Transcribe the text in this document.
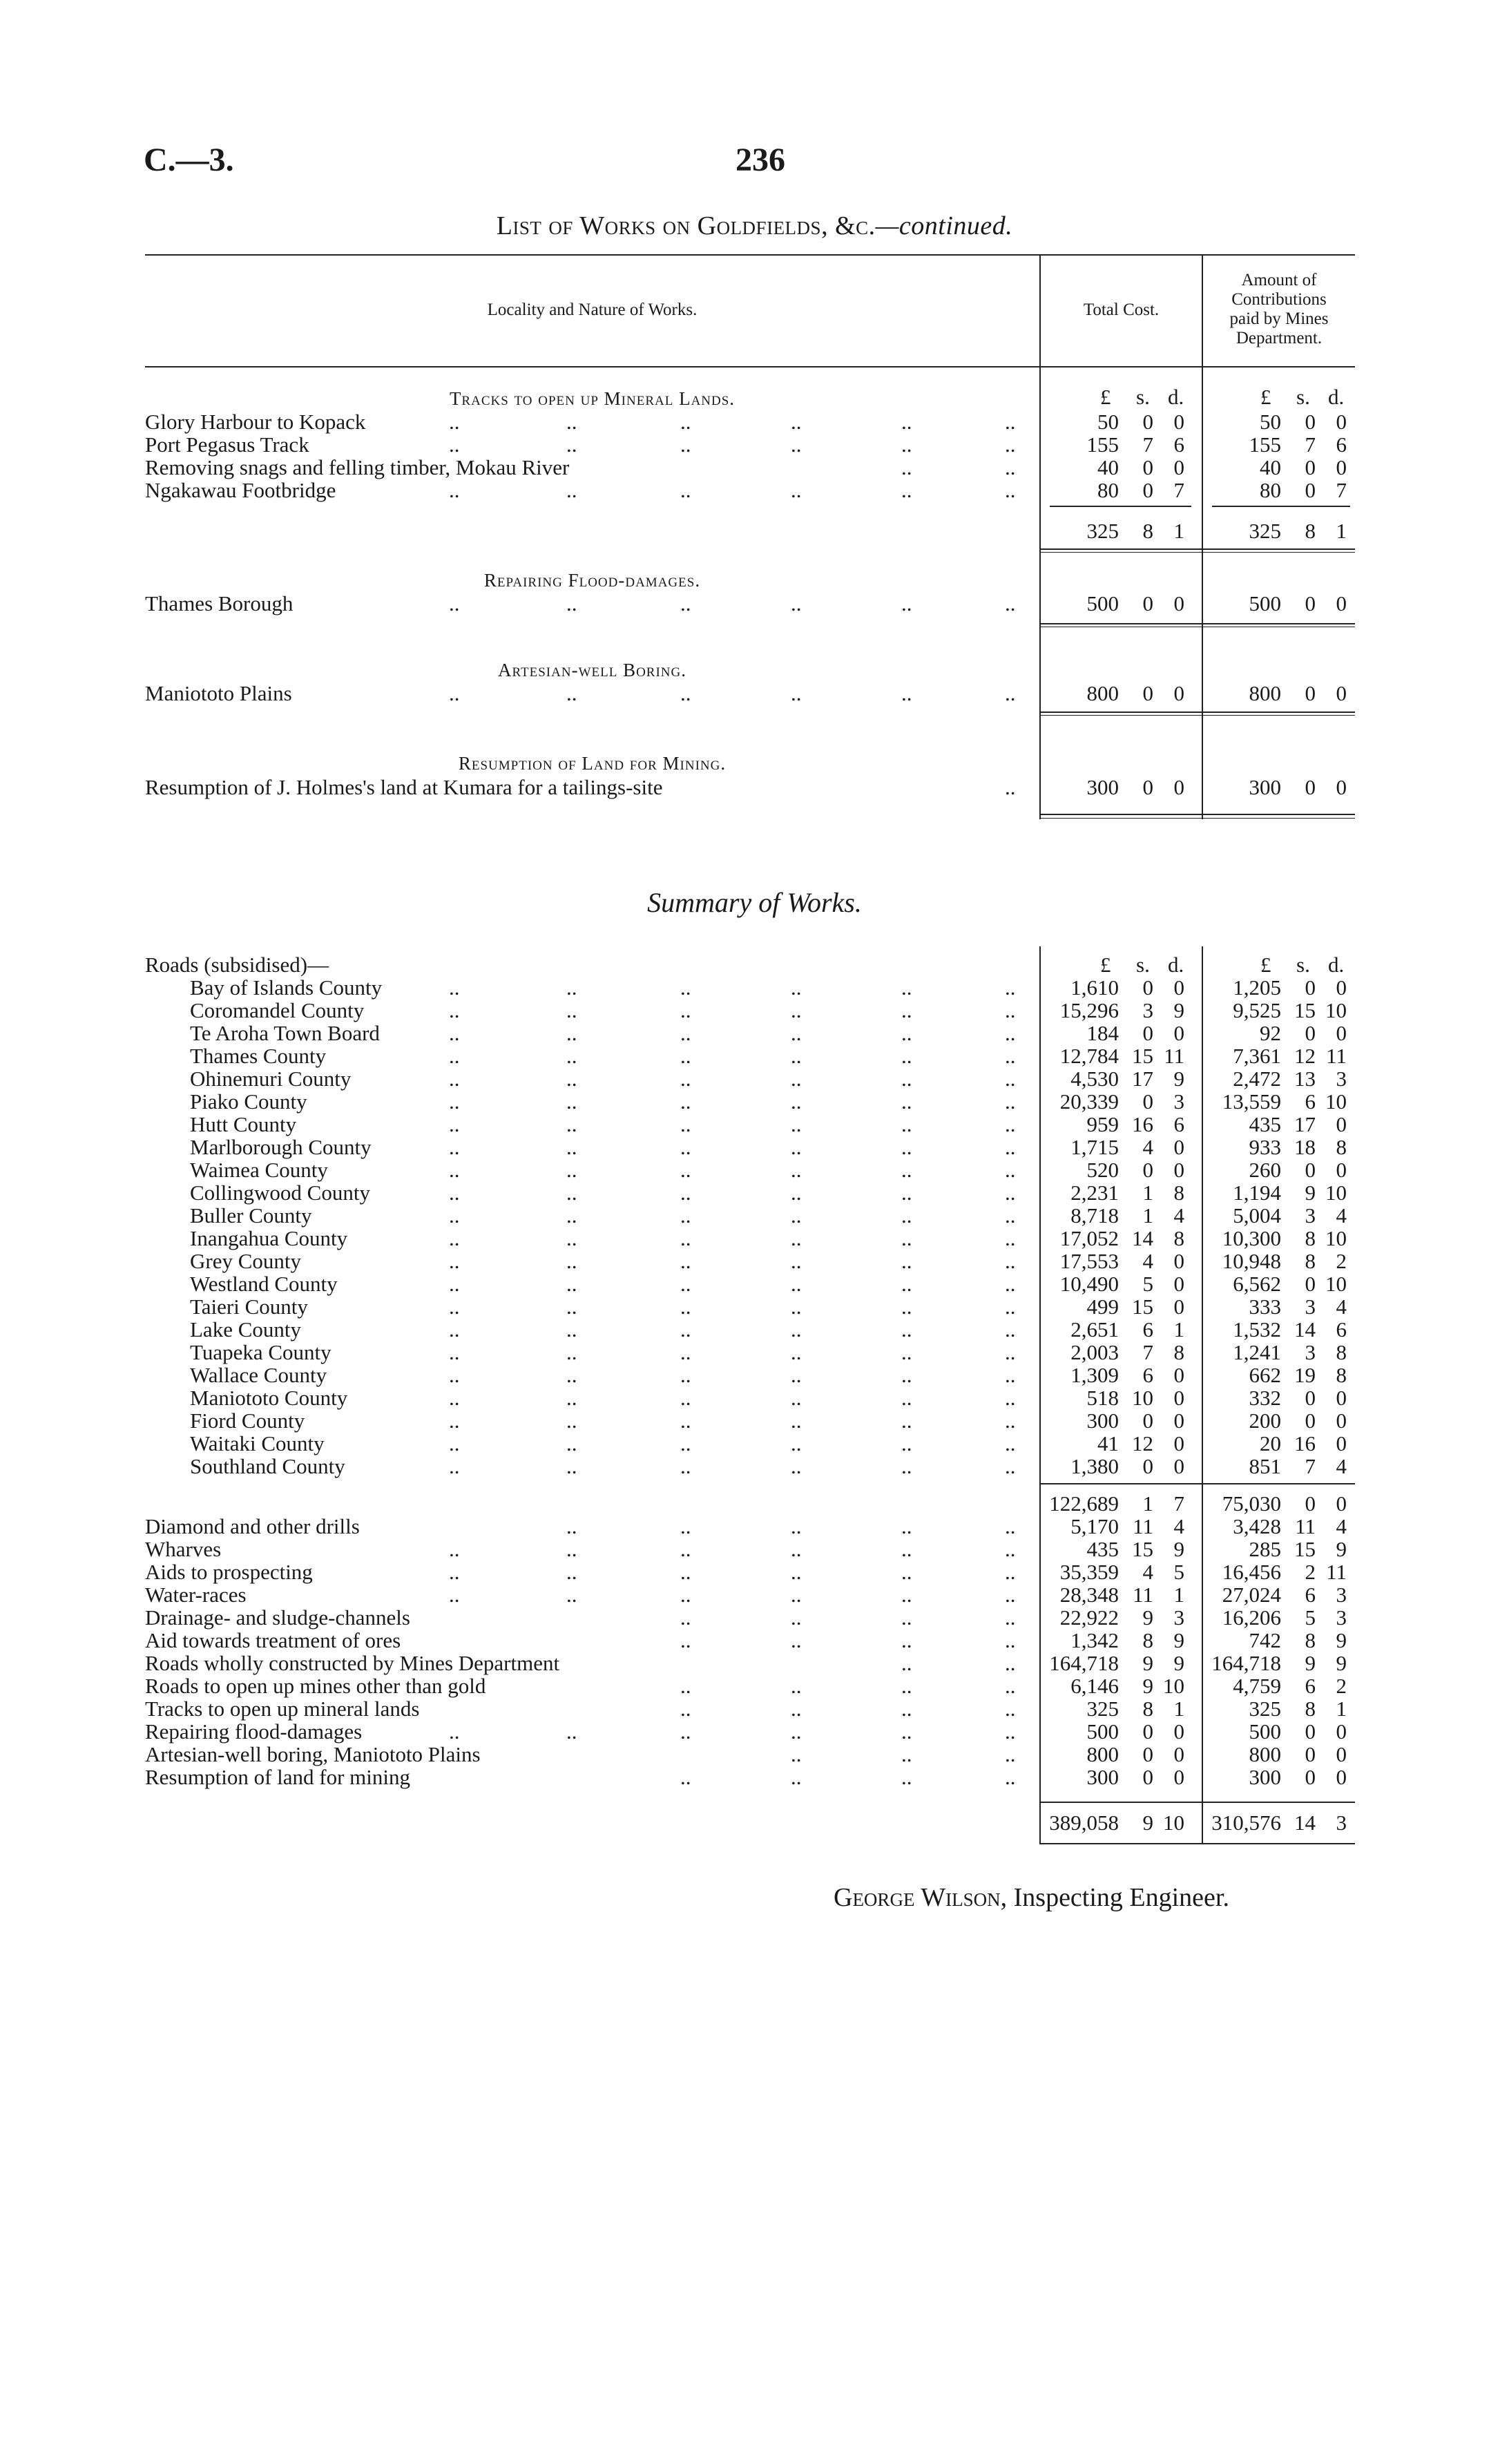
C.—3.	236
List of Works on Goldfields, &c.—continued.
Locality and Nature of Works.	Total Cost.
Amount of
Contributions
paid by Mines
Department.
Tracks to open up Mineral Lands.	£ s. d.	£ s. d.
Glory Harbour to Kopack	..	..	..	..	..	..	50	0 0	50	0 0
Port Pegasus Track	..	..	..	..	..	..	155	7 6	155	7 6
Removing snags and felling timber, Mokau River	..	..	40	0 0	40	0 0
Ngakawau Footbridge	..	..	..	..	..	..	80	0 7	80	0 7
325	8 1	325	8 1
Repairing Flood-damages.
Thames Borough	..	..	..	..	..	..	500	0 0	500	0 0
Artesian-well Boring.
Maniototo Plains	..	..	..	..	..	..	800	0 0	800	0 0
Resumption of Land for Mining.
Resumption of J. Holmes's land at Kumara for a tailings-site	..	300	0 0	300	0 0
Summary of Works.
Roads (subsidised)—	£ s. d.	£ s. d.
Bay of Islands County	..	..	..	..	..	..	1,610	0 0	1,205	0 0
Coromandel County	..	..	..	..	..	..	15,296	3 9	9,525 15 10
Te Aroha Town Board	..	..	..	..	..	..	184	0 0	92	0 0
Thames County	..	..	..	..	..	..	12,784 15 11	7,361 12 11
Ohinemuri County	..	..	..	..	..	..	4,530 17 9	2,472 13 3
Piako County	..	..	..	..	..	..	20,339	0 3	13,559	6 10
Hutt County	..	..	..	..	..	..	959 16 6	435 17 0
Marlborough County	..	..	..	..	..	..	1,715	4 0	933 18 8
Waimea County	..	..	..	..	..	..	520	0 0	260	0 0
Collingwood County	..	..	..	..	..	..	2,231	1 8	1,194	9 10
Buller County	..	..	..	..	..	..	8,718	1 4	5,004	3 4
Inangahua County	..	..	..	..	..	..	17,052 14 8	10,300	8 10
Grey County	..	..	..	..	..	..	17,553	4 0	10,948	8 2
Westland County	..	..	..	..	..	..	10,490	5 0	6,562	0 10
Taieri County	..	..	..	..	..	..	499 15 0	333	3 4
Lake County	..	..	..	..	..	..	2,651	6 1	1,532 14 6
Tuapeka County	..	..	..	..	..	..	2,003	7 8	1,241	3 8
Wallace County	..	..	..	..	..	..	1,309	6 0	662 19 8
Maniototo County	..	..	..	..	..	..	518 10 0	332	0 0
Fiord County	..	..	..	..	..	..	300	0 0	200	0 0
Waitaki County	..	..	..	..	..	..	41 12 0	20 16 0
Southland County	..	..	..	..	..	..	1,380	0 0	851	7 4
122,689	1 7	75,030	0 0
Diamond and other drills	..	..	..	..	..	5,170 11 4	3,428 11 4
Wharves	..	..	..	..	..	..	435 15 9	285 15 9
Aids to prospecting	..	..	..	..	..	..	35,359	4 5	16,456	2 11
Water-races	..	..	..	..	..	..	28,348 11 1	27,024	6 3
Drainage- and sludge-channels	..	..	..	..	22,922	9 3	16,206	5 3
Aid towards treatment of ores	..	..	..	..	1,342	8 9	742	8 9
Roads wholly constructed by Mines Department	..	..	164,718	9 9	164,718	9 9
Roads to open up mines other than gold	..	..	..	..	6,146	9 10	4,759	6 2
Tracks to open up mineral lands	..	..	..	..	325	8 1	325	8 1
Repairing flood-damages	..	..	..	..	..	..	500	0 0	500	0 0
Artesian-well boring, Maniototo Plains	..	..	..	800	0 0	800	0 0
Resumption of land for mining	..	..	..	..	300	0 0	300	0 0
389,058	9 10	310,576 14 3
George Wilson, Inspecting Engineer.
